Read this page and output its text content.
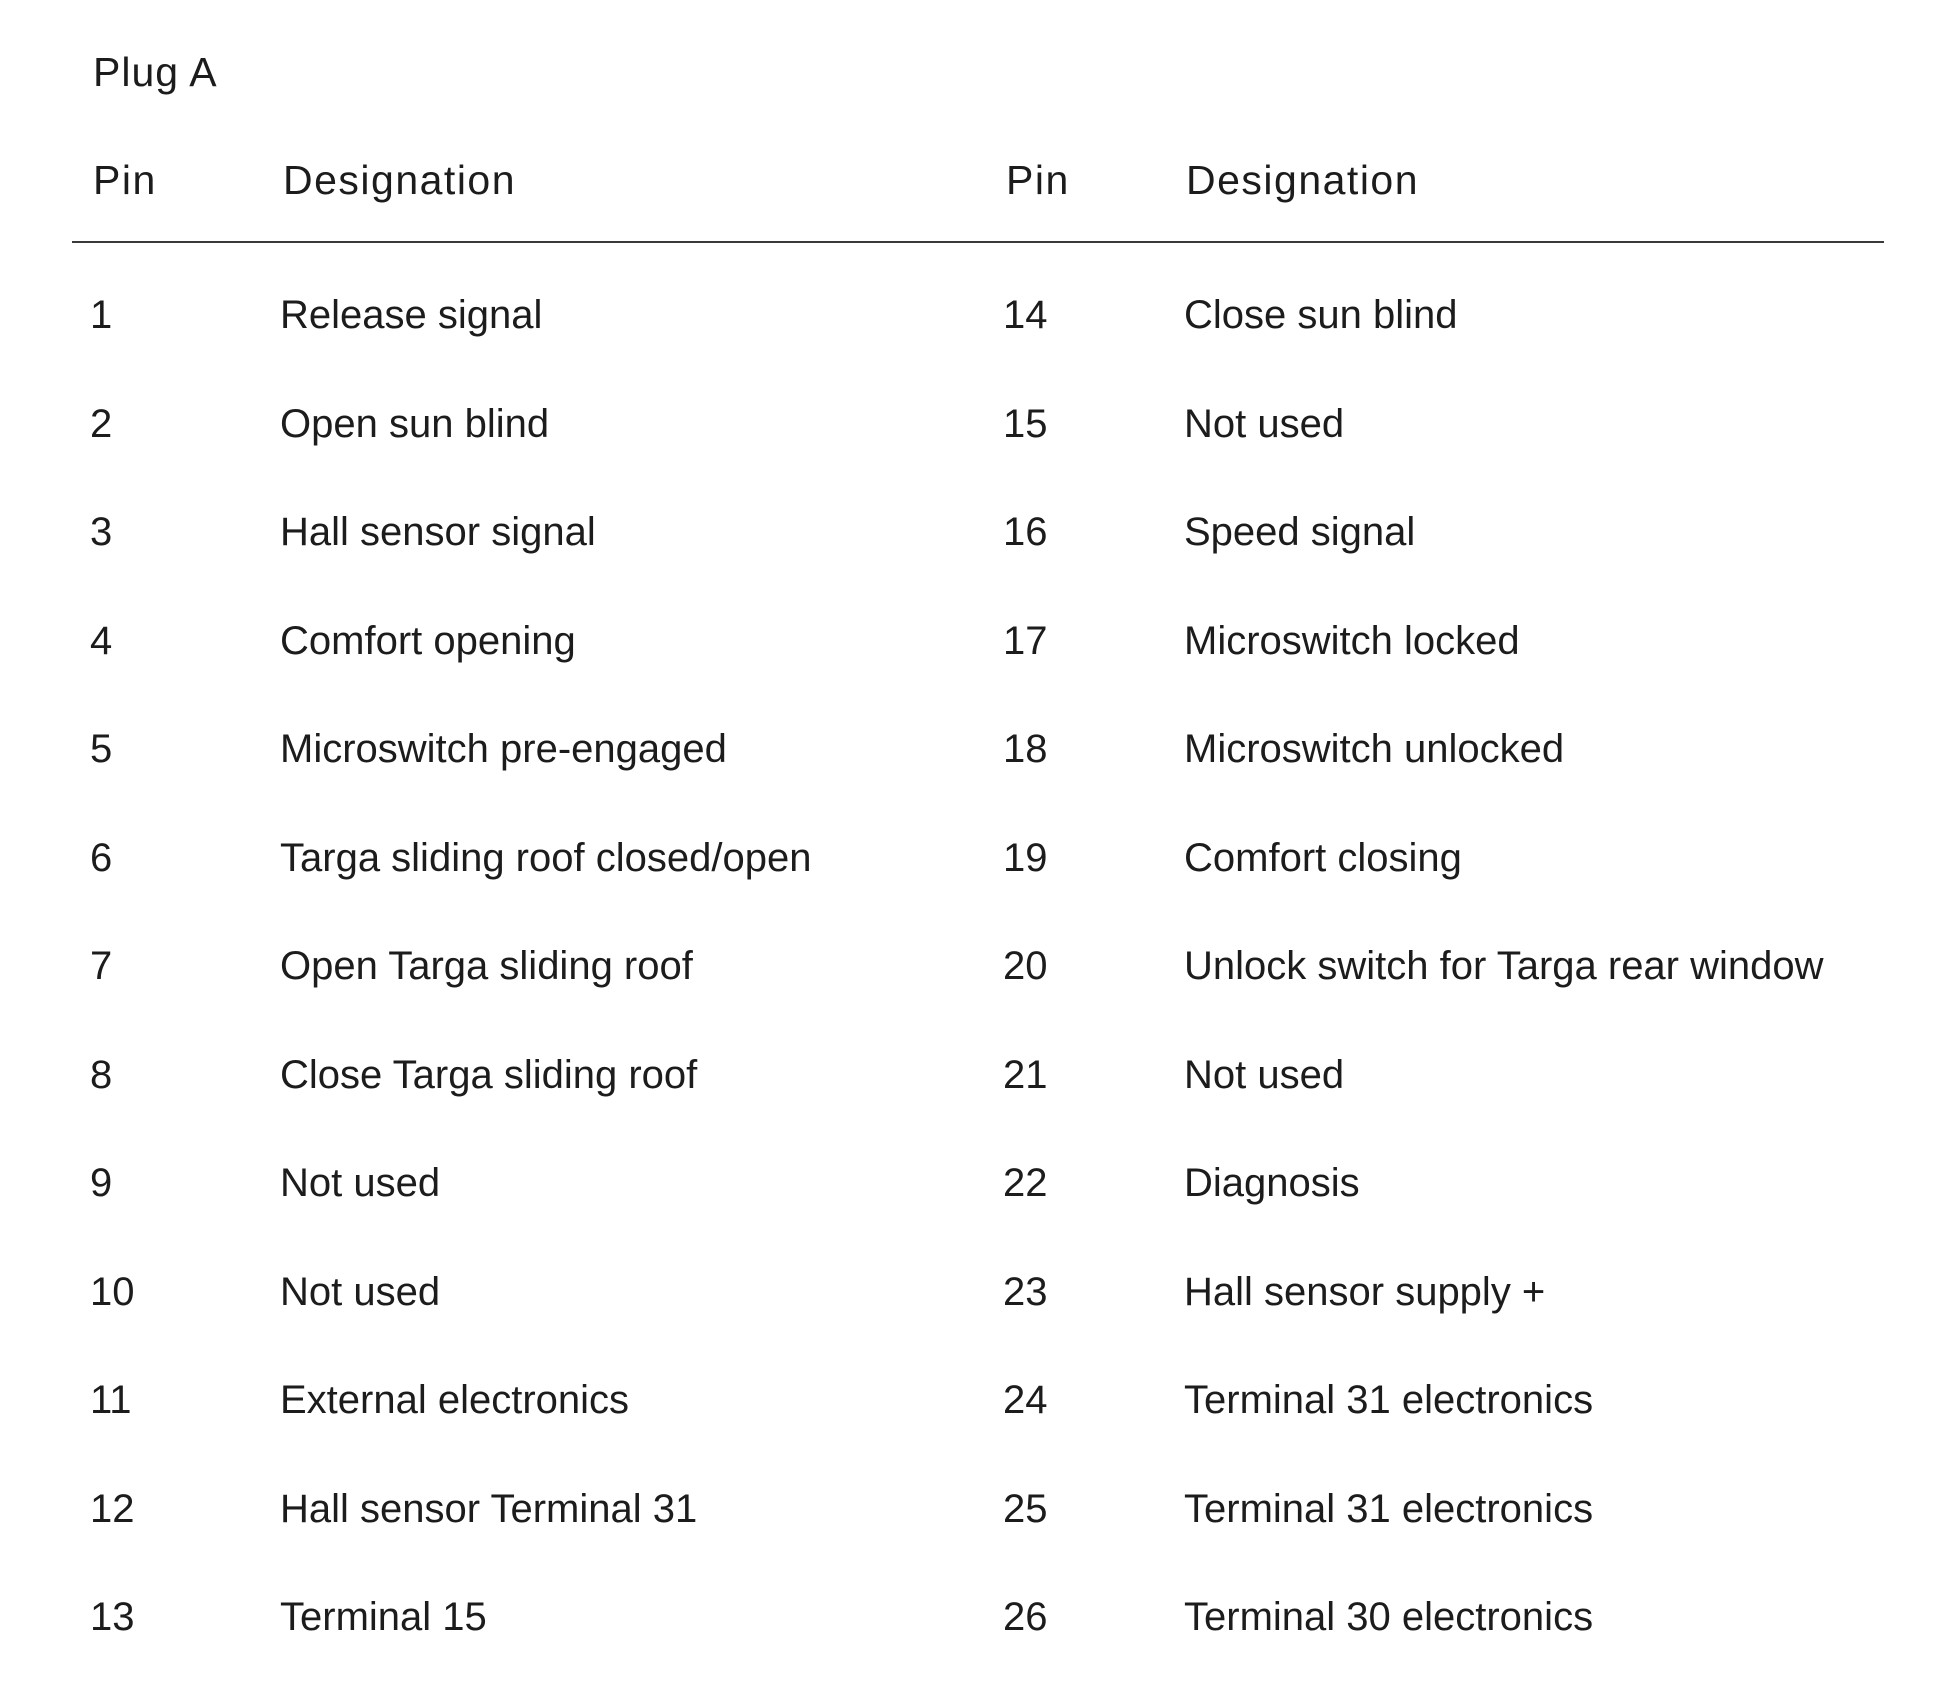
Plug A
Pin	Designation	Pin	Designation
1	Release signal	14	Close sun blind
2	Open sun blind	15	Not used
3	Hall sensor signal	16	Speed signal
4	Comfort opening	17	Microswitch locked
5	Microswitch pre-engaged	18	Microswitch unlocked
6	Targa sliding roof closed/open	19	Comfort closing
7	Open Targa sliding roof	20	Unlock switch for Targa rear window
8	Close Targa sliding roof	21	Not used
9	Not used	22	Diagnosis
10	Not used	23	Hall sensor supply +
11	External electronics	24	Terminal 31 electronics
12	Hall sensor Terminal 31	25	Terminal 31 electronics
13	Terminal 15	26	Terminal 30 electronics
